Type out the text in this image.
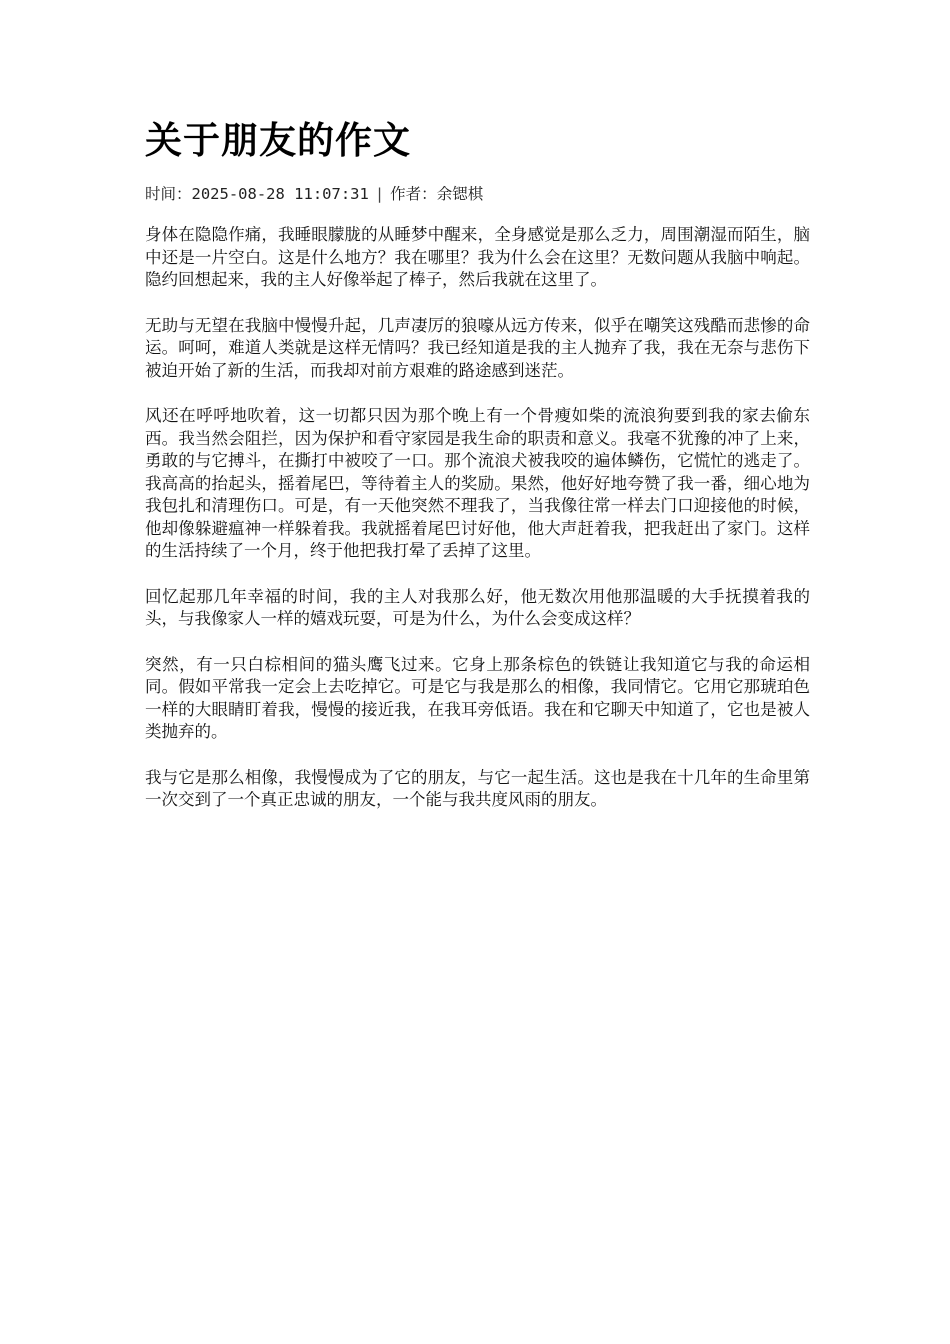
关于朋友的作文
时间：2025-08-28 11:07:31 | 作者：余锶棋

身体在隐隐作痛，我睡眼朦胧的从睡梦中醒来，全身感觉是那么乏力，周围潮湿而陌生，脑中还是一片空白。这是什么地方？我在哪里？我为什么会在这里？无数问题从我脑中响起。隐约回想起来，我的主人好像举起了棒子，然后我就在这里了。

无助与无望在我脑中慢慢升起，几声凄厉的狼嚎从远方传来，似乎在嘲笑这残酷而悲惨的命运。呵呵，难道人类就是这样无情吗？我已经知道是我的主人抛弃了我，我在无奈与悲伤下被迫开始了新的生活，而我却对前方艰难的路途感到迷茫。

风还在呼呼地吹着，这一切都只因为那个晚上有一个骨瘦如柴的流浪狗要到我的家去偷东西。我当然会阻拦，因为保护和看守家园是我生命的职责和意义。我毫不犹豫的冲了上来，勇敢的与它搏斗，在撕打中被咬了一口。那个流浪犬被我咬的遍体鳞伤，它慌忙的逃走了。我高高的抬起头，摇着尾巴，等待着主人的奖励。果然，他好好地夸赞了我一番，细心地为我包扎和清理伤口。可是，有一天他突然不理我了，当我像往常一样去门口迎接他的时候，他却像躲避瘟神一样躲着我。我就摇着尾巴讨好他，他大声赶着我，把我赶出了家门。这样的生活持续了一个月，终于他把我打晕了丢掉了这里。

回忆起那几年幸福的时间，我的主人对我那么好，他无数次用他那温暖的大手抚摸着我的头，与我像家人一样的嬉戏玩耍，可是为什么，为什么会变成这样？

突然，有一只白棕相间的猫头鹰飞过来。它身上那条棕色的铁链让我知道它与我的命运相同。假如平常我一定会上去吃掉它。可是它与我是那么的相像，我同情它。它用它那琥珀色一样的大眼睛盯着我，慢慢的接近我，在我耳旁低语。我在和它聊天中知道了，它也是被人类抛弃的。

我与它是那么相像，我慢慢成为了它的朋友，与它一起生活。这也是我在十几年的生命里第一次交到了一个真正忠诚的朋友，一个能与我共度风雨的朋友。
